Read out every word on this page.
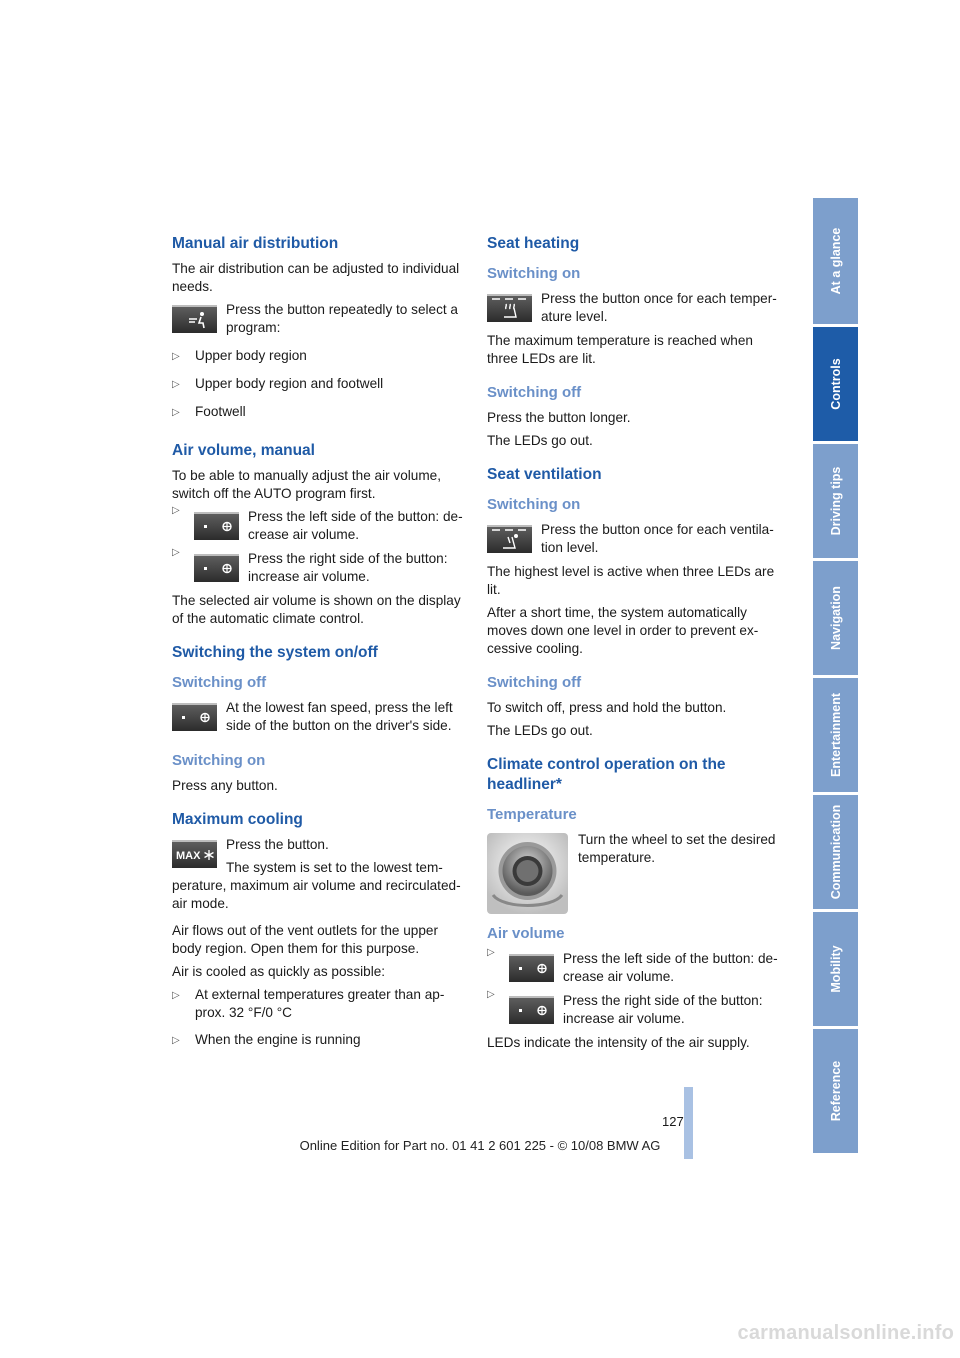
Manual air distribution

The air distribution can be adjusted to individual needs.

Press the button repeatedly to select a program:
▷	Upper body region
▷	Upper body region and footwell
▷	Footwell
Air volume, manual

To be able to manually adjust the air volume, switch off the AUTO program first.

▷	Press the left side of the button: de-crease air volume.
▷	Press the right side of the button: increase air volume.

The selected air volume is shown on the display of the automatic climate control.

Switching the system on/off
Switching off
At the lowest fan speed, press the left side of the button on the driver's side.
Switching on

Press any button.

Maximum cooling
MAX

Press the button.

The system is set to the lowest tem-

perature, maximum air volume and recirculated-air mode.

Air flows out of the vent outlets for the upper body region. Open them for this purpose.

Air is cooled as quickly as possible:

▷	At external temperatures greater than ap-prox. 32 °F/0 °C
▷	When the engine is running
Seat heating
Switching on
Press the button once for each temper-ature level.

The maximum temperature is reached when three LEDs are lit.

Switching off

Press the button longer.

The LEDs go out.

Seat ventilation
Switching on
Press the button once for each ventila-tion level.

The highest level is active when three LEDs are lit.

After a short time, the system automatically moves down one level in order to prevent ex-cessive cooling.

Switching off

To switch off, press and hold the button.

The LEDs go out.

Climate control operation on the headliner*
Temperature
Turn the wheel to set the desired temperature.
Air volume
▷	Press the left side of the button: de-crease air volume.
▷	Press the right side of the button: increase air volume.

LEDs indicate the intensity of the air supply.

At a glance
Controls
Driving tips
Navigation
Entertainment
Communication
Mobility
Reference
127
Online Edition for Part no. 01 41 2 601 225 - © 10/08 BMW AG
carmanualsonline.info
